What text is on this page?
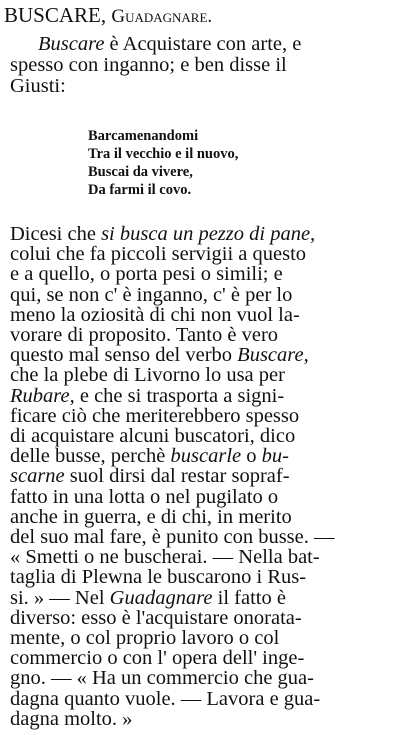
BUSCARE, Guadagnare.
Buscare è Acquistare con arte, e
spesso con inganno; e ben disse il
Giusti:
Barcamenandomi
Tra il vecchio e il nuovo,
Buscai da vivere,
Da farmi il covo.
Dicesi che si busca un pezzo di pane,
colui che fa piccoli servigii a questo
e a quello, o porta pesi o simili; e
qui, se non c' è inganno, c' è per lo
meno la oziosità di chi non vuol la-
vorare di proposito. Tanto è vero
questo mal senso del verbo Buscare,
che la plebe di Livorno lo usa per
Rubare, e che si trasporta a signi-
ficare ciò che meriterebbero spesso
di acquistare alcuni buscatori, dico
delle busse, perchè buscarle o bu-
scarne suol dirsi dal restar sopraf-
fatto in una lotta o nel pugilato o
anche in guerra, e di chi, in merito
del suo mal fare, è punito con busse. —
« Smetti o ne buscherai. — Nella bat-
taglia di Plewna le buscarono i Rus-
si. » — Nel Guadagnare il fatto è
diverso: esso è l'acquistare onorata-
mente, o col proprio lavoro o col
commercio o con l' opera dell' inge-
gno. — « Ha un commercio che gua-
dagna quanto vuole. — Lavora e gua-
dagna molto. »
